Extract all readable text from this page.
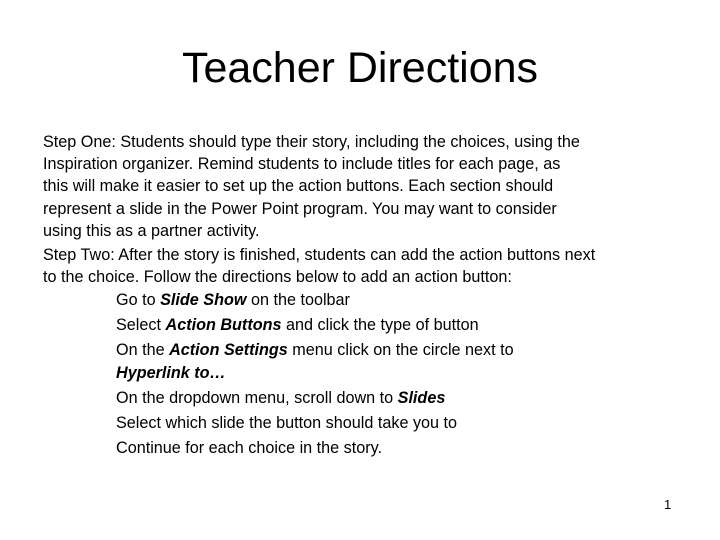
Teacher Directions

Step One: Students should type their story, including the choices, using the
Inspiration organizer. Remind students to include titles for each page, as
this will make it easier to set up the action buttons. Each section should
represent a slide in the Power Point program. You may want to consider
using this as a partner activity.

Step Two: After the story is finished, students can add the action buttons next
to the choice. Follow the directions below to add an action button:

Go to Slide Show on the toolbar
Select Action Buttons and click the type of button
On the Action Settings menu click on the circle next to
Hyperlink to…
On the dropdown menu, scroll down to Slides
Select which slide the button should take you to
Continue for each choice in the story.
1
